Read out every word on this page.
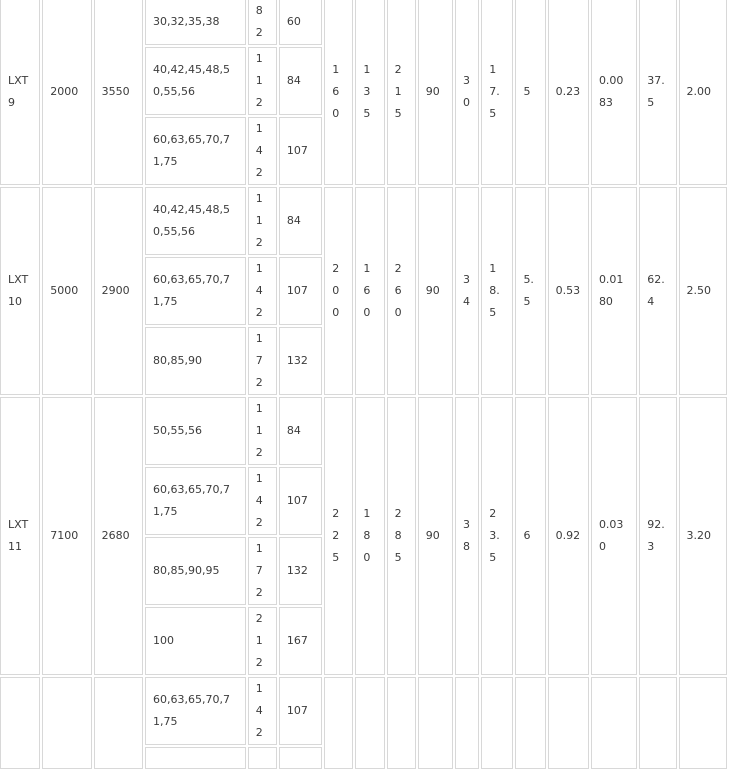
LXT9	2000	3550	30,32,35,38	82	60	160	135	215	90	30	17.5	5	0.23	0.0083	37.5	2.00
			40,42,45,48,50,55,56	112	84											
			60,63,65,70,71,75	142	107											
LXT10	5000	2900	40,42,45,48,50,55,56	112	84	200	160	260	90	34	18.5	5.5	0.53	0.0180	62.4	2.50
			60,63,65,70,71,75	142	107											
			80,85,90	172	132											
LXT11	7100	2680	50,55,56	112	84	225	180	285	90	38	23.5	6	0.92	0.030	92.3	3.20
			60,63,65,70,71,75	142	107											
			80,85,90,95	172	132											
			100	212	167											
			60,63,65,70,71,75	142	107											
